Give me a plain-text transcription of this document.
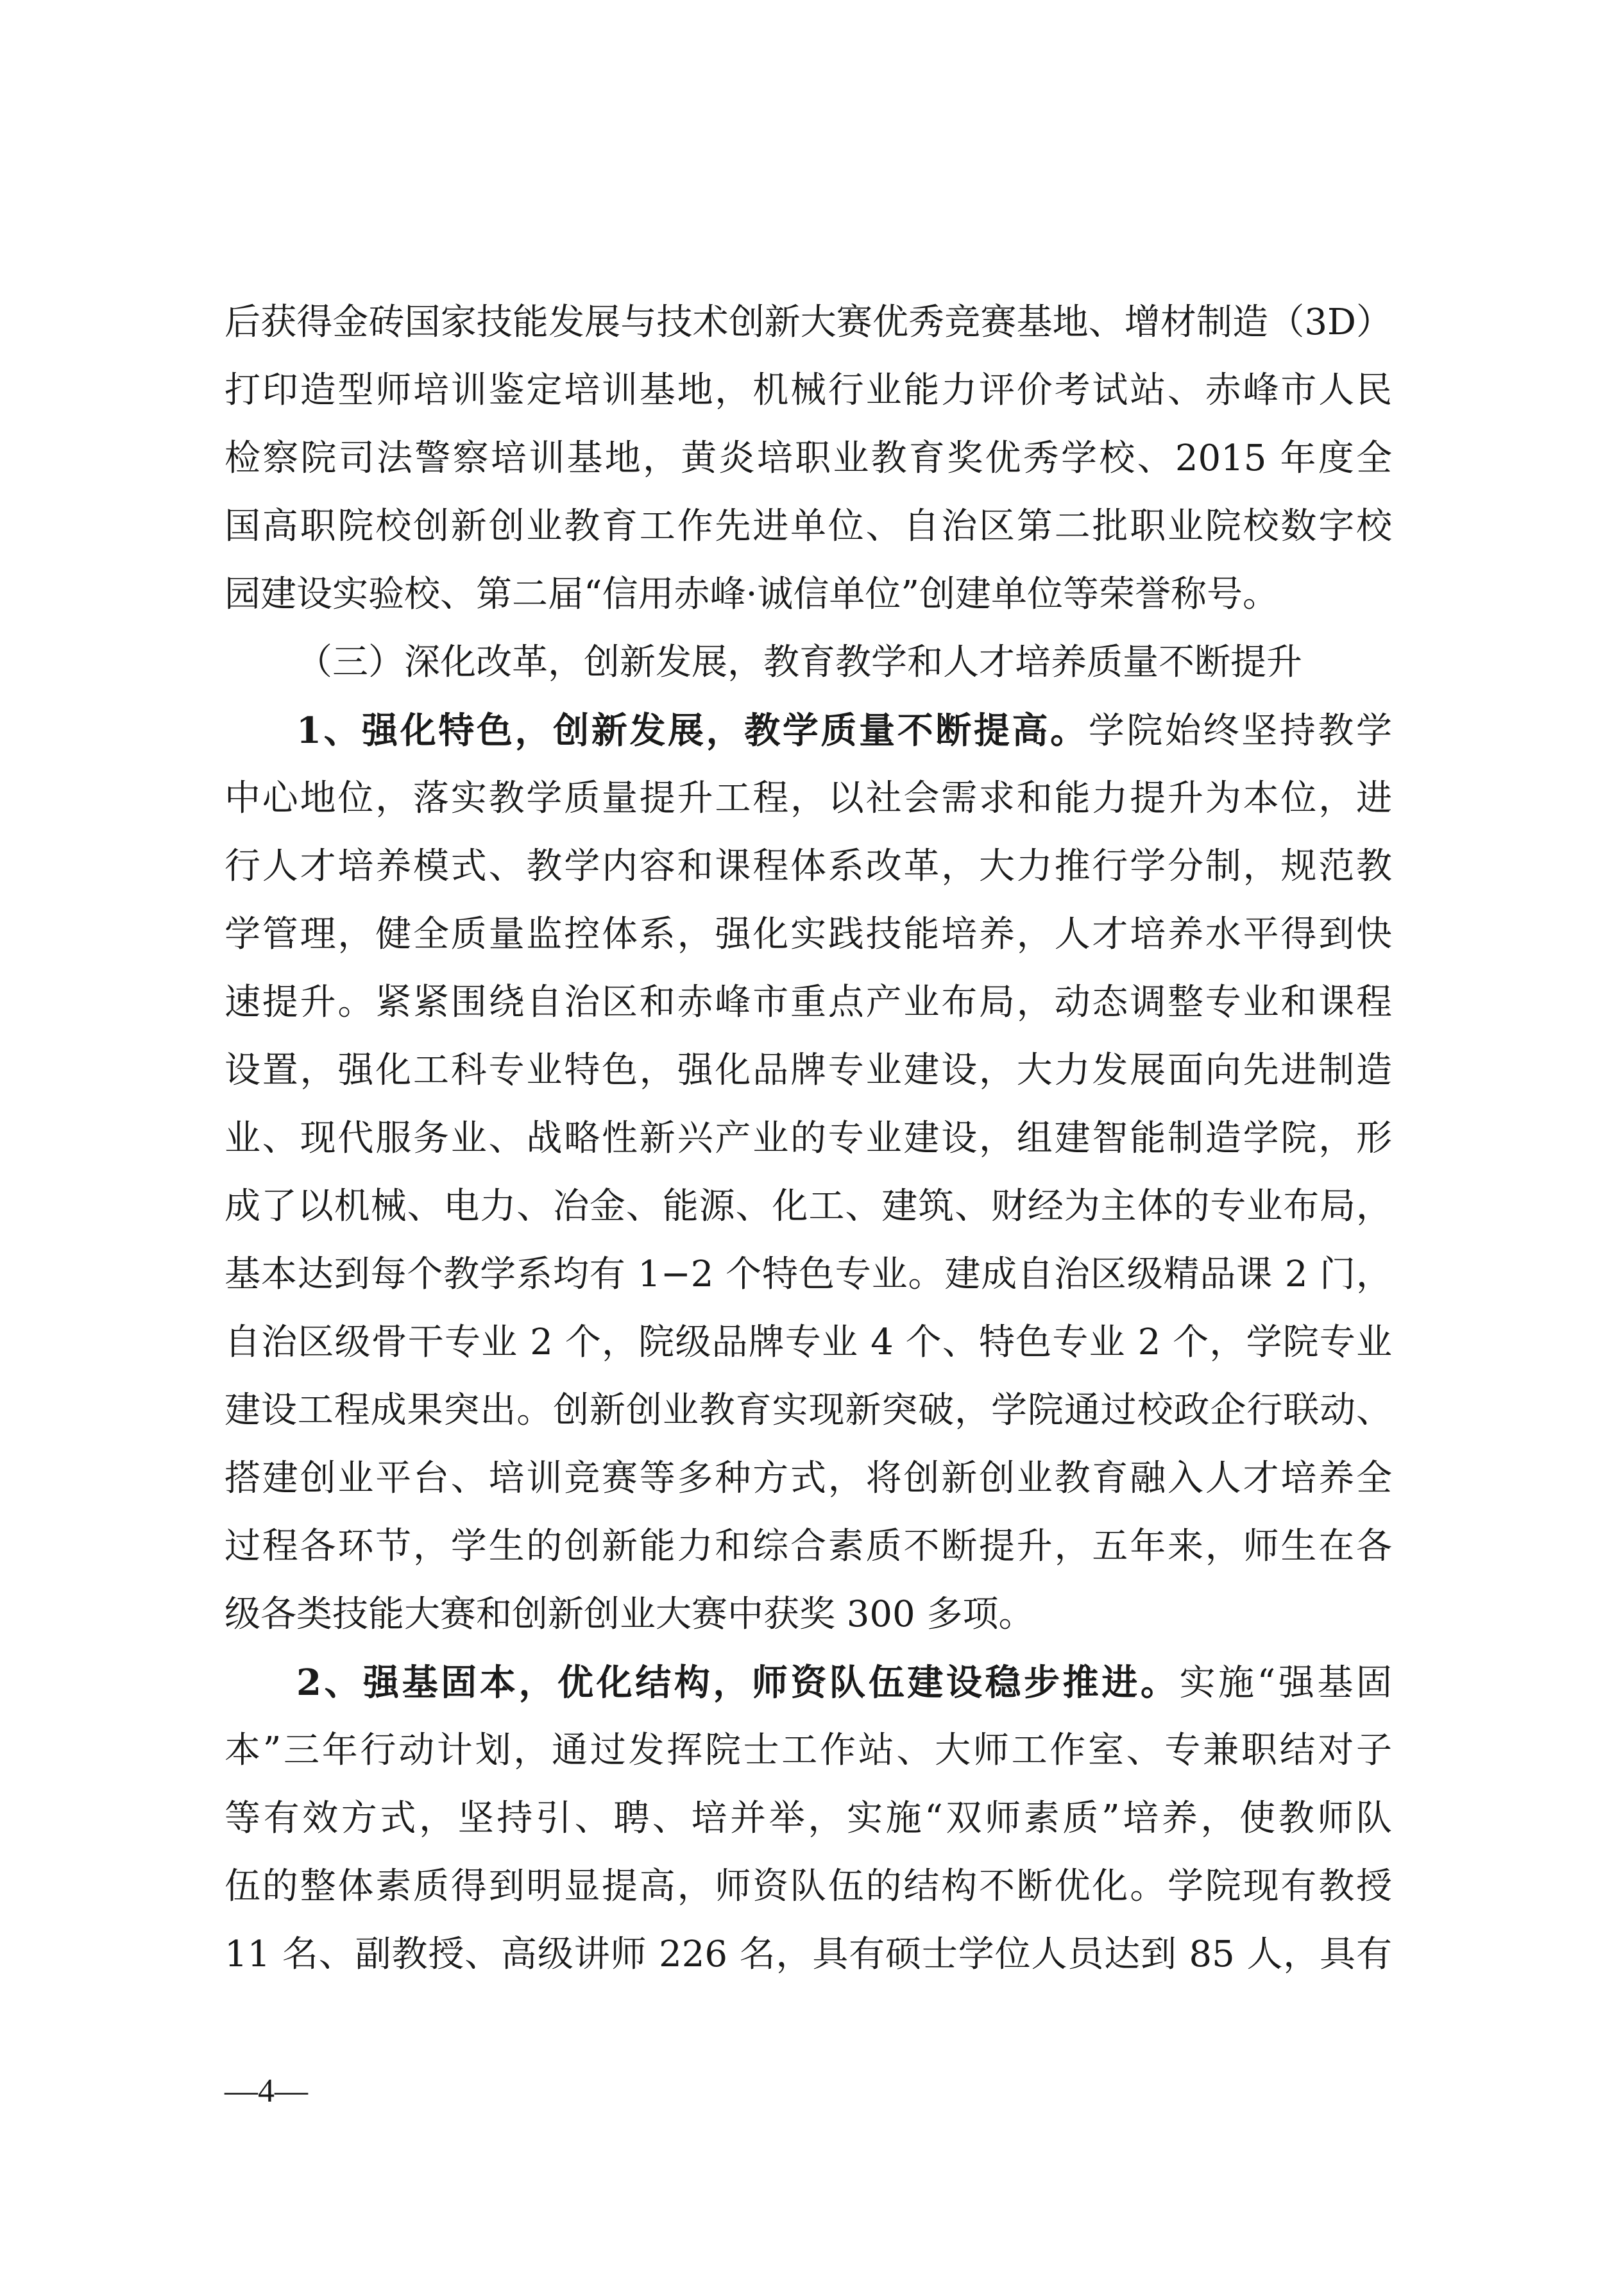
后获得金砖国家技能发展与技术创新大赛优秀竞赛基地、增材制造（3D）
打印造型师培训鉴定培训基地，机械行业能力评价考试站、赤峰市人民
检察院司法警察培训基地，黄炎培职业教育奖优秀学校、2015 年度全
国高职院校创新创业教育工作先进单位、自治区第二批职业院校数字校
园建设实验校、第二届“信用赤峰·诚信单位”创建单位等荣誉称号。
（三）深化改革，创新发展，教育教学和人才培养质量不断提升
1、强化特色，创新发展，教学质量不断提高。学院始终坚持教学
中心地位，落实教学质量提升工程，以社会需求和能力提升为本位，进
行人才培养模式、教学内容和课程体系改革，大力推行学分制，规范教
学管理，健全质量监控体系，强化实践技能培养，人才培养水平得到快
速提升。紧紧围绕自治区和赤峰市重点产业布局，动态调整专业和课程
设置，强化工科专业特色，强化品牌专业建设，大力发展面向先进制造
业、现代服务业、战略性新兴产业的专业建设，组建智能制造学院，形
成了以机械、电力、冶金、能源、化工、建筑、财经为主体的专业布局，
基本达到每个教学系均有 1−2 个特色专业。建成自治区级精品课 2 门，
自治区级骨干专业 2 个，院级品牌专业 4 个、特色专业 2 个，学院专业
建设工程成果突出。创新创业教育实现新突破，学院通过校政企行联动、
搭建创业平台、培训竞赛等多种方式，将创新创业教育融入人才培养全
过程各环节，学生的创新能力和综合素质不断提升，五年来，师生在各
级各类技能大赛和创新创业大赛中获奖 300 多项。
2、强基固本，优化结构，师资队伍建设稳步推进。实施“强基固
本”三年行动计划，通过发挥院士工作站、大师工作室、专兼职结对子
等有效方式，坚持引、聘、培并举，实施“双师素质”培养，使教师队
伍的整体素质得到明显提高，师资队伍的结构不断优化。学院现有教授
11 名、副教授、高级讲师 226 名，具有硕士学位人员达到 85 人，具有
—4—
